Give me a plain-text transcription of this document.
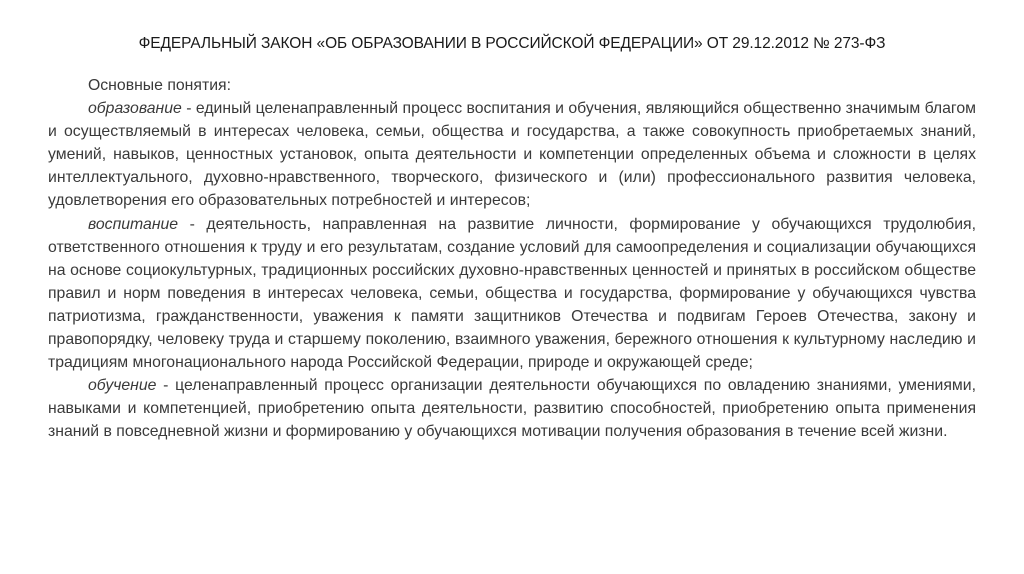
ФЕДЕРАЛЬНЫЙ ЗАКОН «ОБ ОБРАЗОВАНИИ В РОССИЙСКОЙ ФЕДЕРАЦИИ» ОТ 29.12.2012 № 273-ФЗ

Основные понятия:

образование - единый целенаправленный процесс воспитания и обучения, являющийся общественно значимым благом и осуществляемый в интересах человека, семьи, общества и государства, а также совокупность приобретаемых знаний, умений, навыков, ценностных установок, опыта деятельности и компетенции определенных объема и сложности в целях интеллектуального, духовно-нравственного, творческого, физического и (или) профессионального развития человека, удовлетворения его образовательных потребностей и интересов;

воспитание - деятельность, направленная на развитие личности, формирование у обучающихся трудолюбия, ответственного отношения к труду и его результатам, создание условий для самоопределения и социализации обучающихся на основе социокультурных, традиционных российских духовно-нравственных ценностей и принятых в российском обществе правил и норм поведения в интересах человека, семьи, общества и государства, формирование у обучающихся чувства патриотизма, гражданственности, уважения к памяти защитников Отечества и подвигам Героев Отечества, закону и правопорядку, человеку труда и старшему поколению, взаимного уважения, бережного отношения к культурному наследию и традициям многонационального народа Российской Федерации, природе и окружающей среде;

обучение - целенаправленный процесс организации деятельности обучающихся по овладению знаниями, умениями, навыками и компетенцией, приобретению опыта деятельности, развитию способностей, приобретению опыта применения знаний в повседневной жизни и формированию у обучающихся мотивации получения образования в течение всей жизни.
